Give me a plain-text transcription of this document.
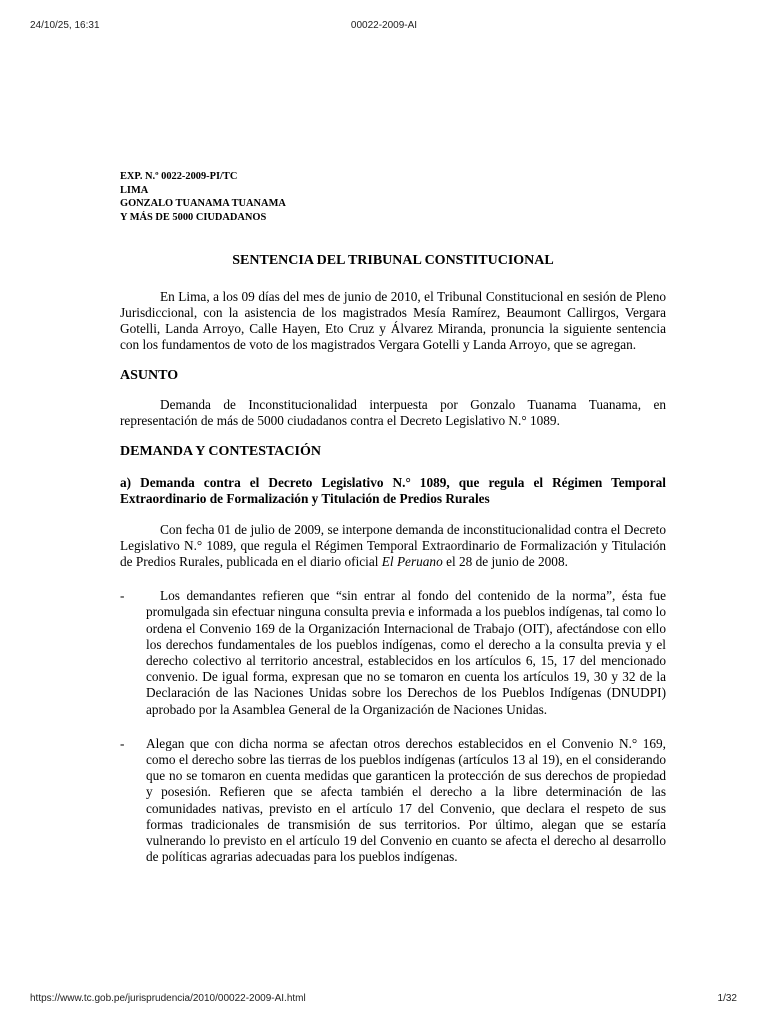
24/10/25, 16:31	00022-2009-AI
EXP. N.º 0022-2009-PI/TC
LIMA
GONZALO TUANAMA TUANAMA
Y MÁS DE 5000 CIUDADANOS
SENTENCIA DEL TRIBUNAL CONSTITUCIONAL

En Lima, a los 09 días del mes de junio de 2010, el Tribunal Constitucional en sesión de Pleno Jurisdiccional, con la asistencia de los magistrados Mesía Ramírez, Beaumont Callirgos, Vergara Gotelli, Landa Arroyo, Calle Hayen, Eto Cruz y Álvarez Miranda, pronuncia la siguiente sentencia con los fundamentos de voto de los magistrados Vergara Gotelli y Landa Arroyo, que se agregan.

ASUNTO

Demanda de Inconstitucionalidad interpuesta por Gonzalo Tuanama Tuanama, en representación de más de 5000 ciudadanos contra el Decreto Legislativo N.° 1089.

DEMANDA Y CONTESTACIÓN

a) Demanda contra el Decreto Legislativo N.° 1089, que regula el Régimen Temporal Extraordinario de Formalización y Titulación de Predios Rurales

Con fecha 01 de julio de 2009, se interpone demanda de inconstitucionalidad contra el Decreto Legislativo N.° 1089, que regula el Régimen Temporal Extraordinario de Formalización y Titulación de Predios Rurales, publicada en el diario oficial El Peruano el 28 de junio de 2008.

-	Los demandantes refieren que “sin entrar al fondo del contenido de la norma”, ésta fue promulgada sin efectuar ninguna consulta previa e informada a los pueblos indígenas, tal como lo ordena el Convenio 169 de la Organización Internacional de Trabajo (OIT), afectándose con ello los derechos fundamentales de los pueblos indígenas, como el derecho a la consulta previa y el derecho colectivo al territorio ancestral, establecidos en los artículos 6, 15, 17 del mencionado convenio. De igual forma, expresan que no se tomaron en cuenta los artículos 19, 30 y 32 de la Declaración de las Naciones Unidas sobre los Derechos de los Pueblos Indígenas (DNUDPI) aprobado por la Asamblea General de la Organización de Naciones Unidas.

-	Alegan que con dicha norma se afectan otros derechos establecidos en el Convenio N.° 169, como el derecho sobre las tierras de los pueblos indígenas (artículos 13 al 19), en el considerando que no se tomaron en cuenta medidas que garanticen la protección de sus derechos de propiedad y posesión. Refieren que se afecta también el derecho a la libre determinación de las comunidades nativas, previsto en el artículo 17 del Convenio, que declara el respeto de sus formas tradicionales de transmisión de sus territorios. Por último, alegan que se estaría vulnerando lo previsto en el artículo 19 del Convenio en cuanto se afecta el derecho al desarrollo de políticas agrarias adecuadas para los pueblos indígenas.

https://www.tc.gob.pe/jurisprudencia/2010/00022-2009-AI.html	1/32
